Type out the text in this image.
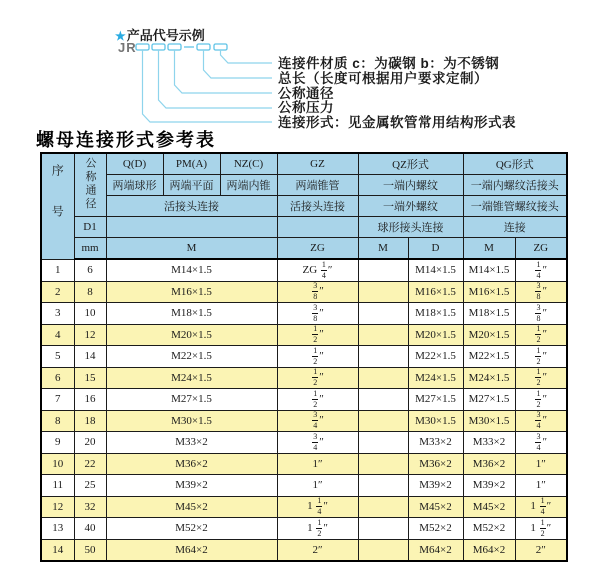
★产品代号示例
JR
连接件材质 c：为碳钢 b：为不锈钢
总长（长度可根据用户要求定制）
公称通径
公称压力
连接形式：见金属软管常用结构形式表
螺母连接形式参考表
序号	公称通径	Q(D)	PM(A)	NZ(C)	GZ	QZ形式		QG形式	
		两端球形	两端平面	两端内锥	两端锥管	一端内螺纹		一端内螺纹活接头	
		活接头连接			活接头连接	一端外螺纹		一端锥管螺纹接头	
	D1					球形接头连接		连接	
	mm	M			ZG	M	D	M	ZG
1	6	M14×1.5			ZG $\frac{1}{4}$ ″		M14×1.5	M14×1.5	$\frac{1}{4}$ ″
2	8	M16×1.5			$\frac{3}{8}$ ″		M16×1.5	M16×1.5	$\frac{3}{8}$ ″
3	10	M18×1.5			$\frac{3}{8}$ ″		M18×1.5	M18×1.5	$\frac{3}{8}$ ″
4	12	M20×1.5			$\frac{1}{2}$ ″		M20×1.5	M20×1.5	$\frac{1}{2}$ ″
5	14	M22×1.5			$\frac{1}{2}$ ″		M22×1.5	M22×1.5	$\frac{1}{2}$ ″
6	15	M24×1.5			$\frac{1}{2}$ ″		M24×1.5	M24×1.5	$\frac{1}{2}$ ″
7	16	M27×1.5			$\frac{1}{2}$ ″		M27×1.5	M27×1.5	$\frac{1}{2}$ ″
8	18	M30×1.5			$\frac{3}{4}$ ″		M30×1.5	M30×1.5	$\frac{3}{4}$ ″
9	20	M33×2			$\frac{3}{4}$ ″		M33×2	M33×2	$\frac{3}{4}$ ″
10	22	M36×2			1″		M36×2	M36×2	1″
11	25	M39×2			1″		M39×2	M39×2	1″
12	32	M45×2			$1 \frac{1}{4}$ ″		M45×2	M45×2	$1 \frac{1}{4}$ ″
13	40	M52×2			$1 \frac{1}{2}$ ″		M52×2	M52×2	$1 \frac{1}{2}$ ″
14	50	M64×2			2″		M64×2	M64×2	2″
